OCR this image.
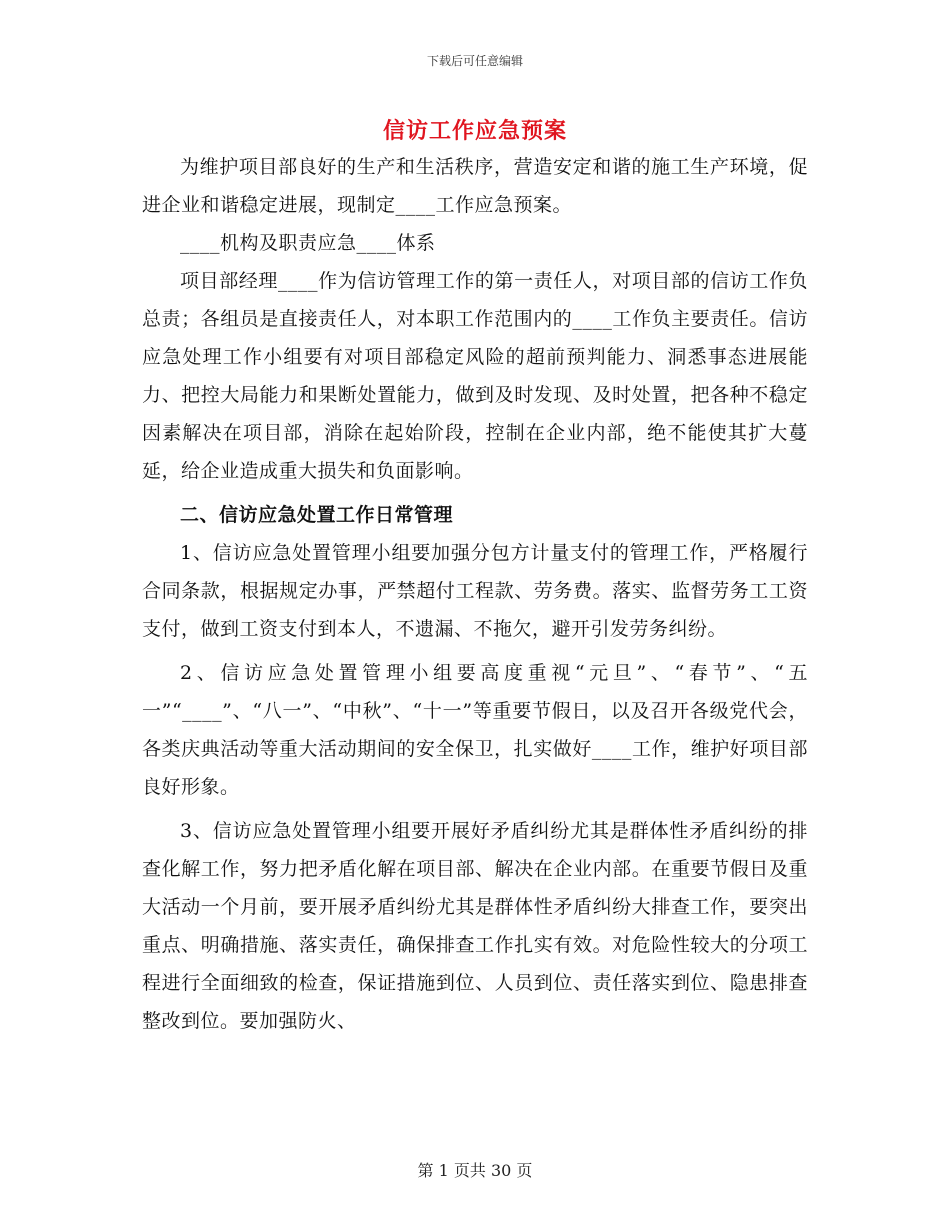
下载后可任意编辑
信访工作应急预案

为维护项目部良好的生产和生活秩序，营造安定和谐的施工生产环境，促进企业和谐稳定进展，现制定____工作应急预案。

____机构及职责应急____体系

项目部经理____作为信访管理工作的第一责任人，对项目部的信访工作负总责；各组员是直接责任人，对本职工作范围内的____工作负主要责任。信访应急处理工作小组要有对项目部稳定风险的超前预判能力、洞悉事态进展能力、把控大局能力和果断处置能力，做到及时发现、及时处置，把各种不稳定因素解决在项目部，消除在起始阶段，控制在企业内部，绝不能使其扩大蔓延，给企业造成重大损失和负面影响。

二、信访应急处置工作日常管理

1、信访应急处置管理小组要加强分包方计量支付的管理工作，严格履行合同条款，根据规定办事，严禁超付工程款、劳务费。落实、监督劳务工工资支付，做到工资支付到本人，不遗漏、不拖欠，避开引发劳务纠纷。

2、信访应急处置管理小组要高度重视“元旦”、“春节”、“五一”“____”、“八一”、“中秋”、“十一”等重要节假日，以及召开各级党代会，各类庆典活动等重大活动期间的安全保卫，扎实做好____工作，维护好项目部良好形象。

3、信访应急处置管理小组要开展好矛盾纠纷尤其是群体性矛盾纠纷的排查化解工作，努力把矛盾化解在项目部、解决在企业内部。在重要节假日及重大活动一个月前，要开展矛盾纠纷尤其是群体性矛盾纠纷大排查工作，要突出重点、明确措施、落实责任，确保排查工作扎实有效。对危险性较大的分项工程进行全面细致的检查，保证措施到位、人员到位、责任落实到位、隐患排查整改到位。要加强防火、

第 1 页共 30 页
